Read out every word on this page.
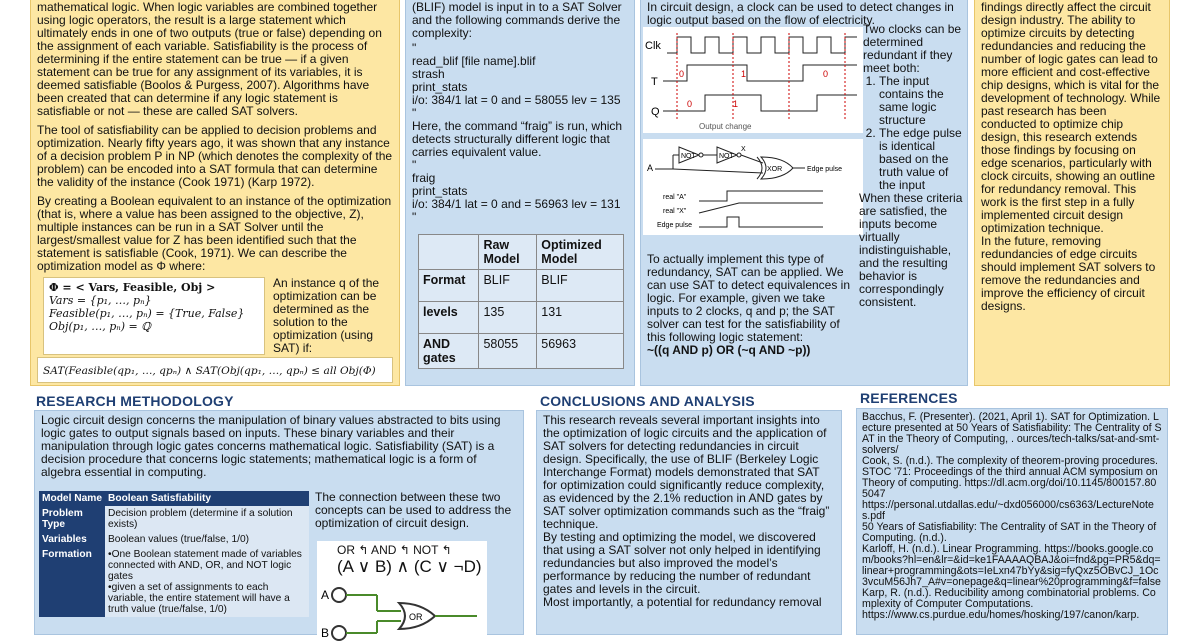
mathematical logic. When logic variables are combined together using logic operators, the result is a large statement which ultimately ends in one of two outputs (true or false) depending on the assignment of each variable. Satisfiability is the process of determining if the entire statement can be true — if a given statement can be true for any assignment of its variables, it is deemed satisfiable (Boolos & Purgess, 2007). Algorithms have been created that can determine if any logic statement is satisfiable or not — these are called SAT solvers.

The tool of satisfiability can be applied to decision problems and optimization. Nearly fifty years ago, it was shown that any instance of a decision problem P in NP (which denotes the complexity of the problem) can be encoded into a SAT formula that can determine the validity of the instance (Cook 1971) (Karp 1972).

By creating a Boolean equivalent to an instance of the optimization (that is, where a value has been assigned to the objective, Z), multiple instances can be run in a SAT Solver until the largest/smallest value for Z has been identified such that the statement is satisfiable (Cook, 1971). We can describe the optimization model as Φ where:

Φ = < Vars, Feasible, Obj >
Vars = {p₁, …, pₙ}
Feasible(p₁, …, pₙ) = {True, False}
Obj(p₁, …, pₙ) = ℚ
An instance q of the optimization can be determined as the solution to the optimization (using SAT) if:
SAT(Feasible(qp₁, …, qpₙ) ∧ SAT(Obj(qp₁, …, qpₙ) ≤ all Obj(Φ)

(BLIF) model is input in to a SAT Solver and the following commands derive the complexity:

"

read_blif [file name].blif

strash

print_stats

i/o: 384/1 lat = 0 and = 58055 lev = 135

"

Here, the command “fraig” is run, which detects structurally different logic that carries equivalent value.

"

fraig

print_stats

i/o: 384/1 lat = 0 and = 56963 lev = 131

"

	Raw Model	Optimized Model
Format	BLIF	BLIF
levels	135	131
AND gates	58055	56963
In circuit design, a clock can be used to detect changes in logic output based on the flow of electricity.
Clk
T
0	1	0
Q
0	1
Output change
A
NOT	NOT
X
XOR	Edge pulse
real "A"
real "X"
Edge pulse

Two clocks can be determined redundant if they meet both:

1. The input contains the same logic structure
2. The edge pulse is identical based on the truth value of the input

When these criteria are satisfied, the inputs become virtually indistinguishable, and the resulting behavior is correspondingly consistent.

To actually implement this type of redundancy, SAT can be applied. We can use SAT to detect equivalences in logic. For example, given we take inputs to 2 clocks, q and p; the SAT solver can test for the satisfiability of this following logic statement:

~((q AND p) OR (~q AND ~p))

findings directly affect the circuit design industry. The ability to optimize circuits by detecting redundancies and reducing the number of logic gates can lead to more efficient and cost-effective chip designs, which is vital for the development of technology. While past research has been conducted to optimize chip design, this research extends those findings by focusing on edge scenarios, particularly with clock circuits, showing an outline for redundancy removal. This work is the first step in a fully implemented circuit design optimization technique.

In the future, removing redundancies of edge circuits should implement SAT solvers to remove the redundancies and improve the efficiency of circuit designs.

RESEARCH METHODOLOGY

Logic circuit design concerns the manipulation of binary values abstracted to bits using logic gates to output signals based on inputs. These binary variables and their manipulation through logic gates concerns mathematical logic. Satisfiability (SAT) is a decision procedure that concerns logic statements; mathematical logic is a form of algebra essential in computing.

Model Name	Boolean Satisfiability
Problem Type	Decision problem (determine if a solution exists)
Variables	Boolean values (true/false, 1/0)
Formation	•One Boolean statement made of variables connected with AND, OR, and NOT logic gates
•given a set of assignments to each variable, the entire statement will have a truth value (true/false, 1/0)
The connection between these two concepts can be used to address the optimization of circuit design.
OR ↰ AND ↰ NOT ↰
(A ∨ B) ∧ (C ∨ ¬D)
A
B
OR
CONCLUSIONS AND ANALYSIS

This research reveals several important insights into the optimization of logic circuits and the application of SAT solvers for detecting redundancies in circuit design. Specifically, the use of BLIF (Berkeley Logic Interchange Format) models demonstrated that SAT for optimization could significantly reduce complexity, as evidenced by the 2.1% reduction in AND gates by SAT solver optimization commands such as the “fraig” technique.

By testing and optimizing the model, we discovered that using a SAT solver not only helped in identifying redundancies but also improved the model’s performance by reducing the number of redundant gates and levels in the circuit.

Most importantly, a potential for redundancy removal

REFERENCES

Bacchus, F. (Presenter). (2021, April 1). SAT for Optimization. Lecture presented at 50 Years of Satisfiability: The Centrality of SAT in the Theory of Computing, . ources/tech-talks/sat-and-smt-solvers/

Cook, S. (n.d.). The complexity of theorem-proving procedures. STOC '71: Proceedings of the third annual ACM symposium on Theory of computing. https://dl.acm.org/doi/10.1145/800157.805047

https://personal.utdallas.edu/~dxd056000/cs6363/LectureNotes.pdf

50 Years of Satisfiability: The Centrality of SAT in the Theory of Computing. (n.d.).

Karloff, H. (n.d.). Linear Programming. https://books.google.com/books?hl=en&lr=&id=ke1FAAAAQBAJ&oi=fnd&pg=PR5&dq=linear+programming&ots=IeLxn47bYy&sig=fyQxz5OBvCJ_1Oc3vcuM56Jh7_A#v=onepage&q=linear%20programming&f=false

Karp, R. (n.d.). Reducibility among combinatorial problems. Complexity of Computer Computations.

https://www.cs.purdue.edu/homes/hosking/197/canon/karp.
